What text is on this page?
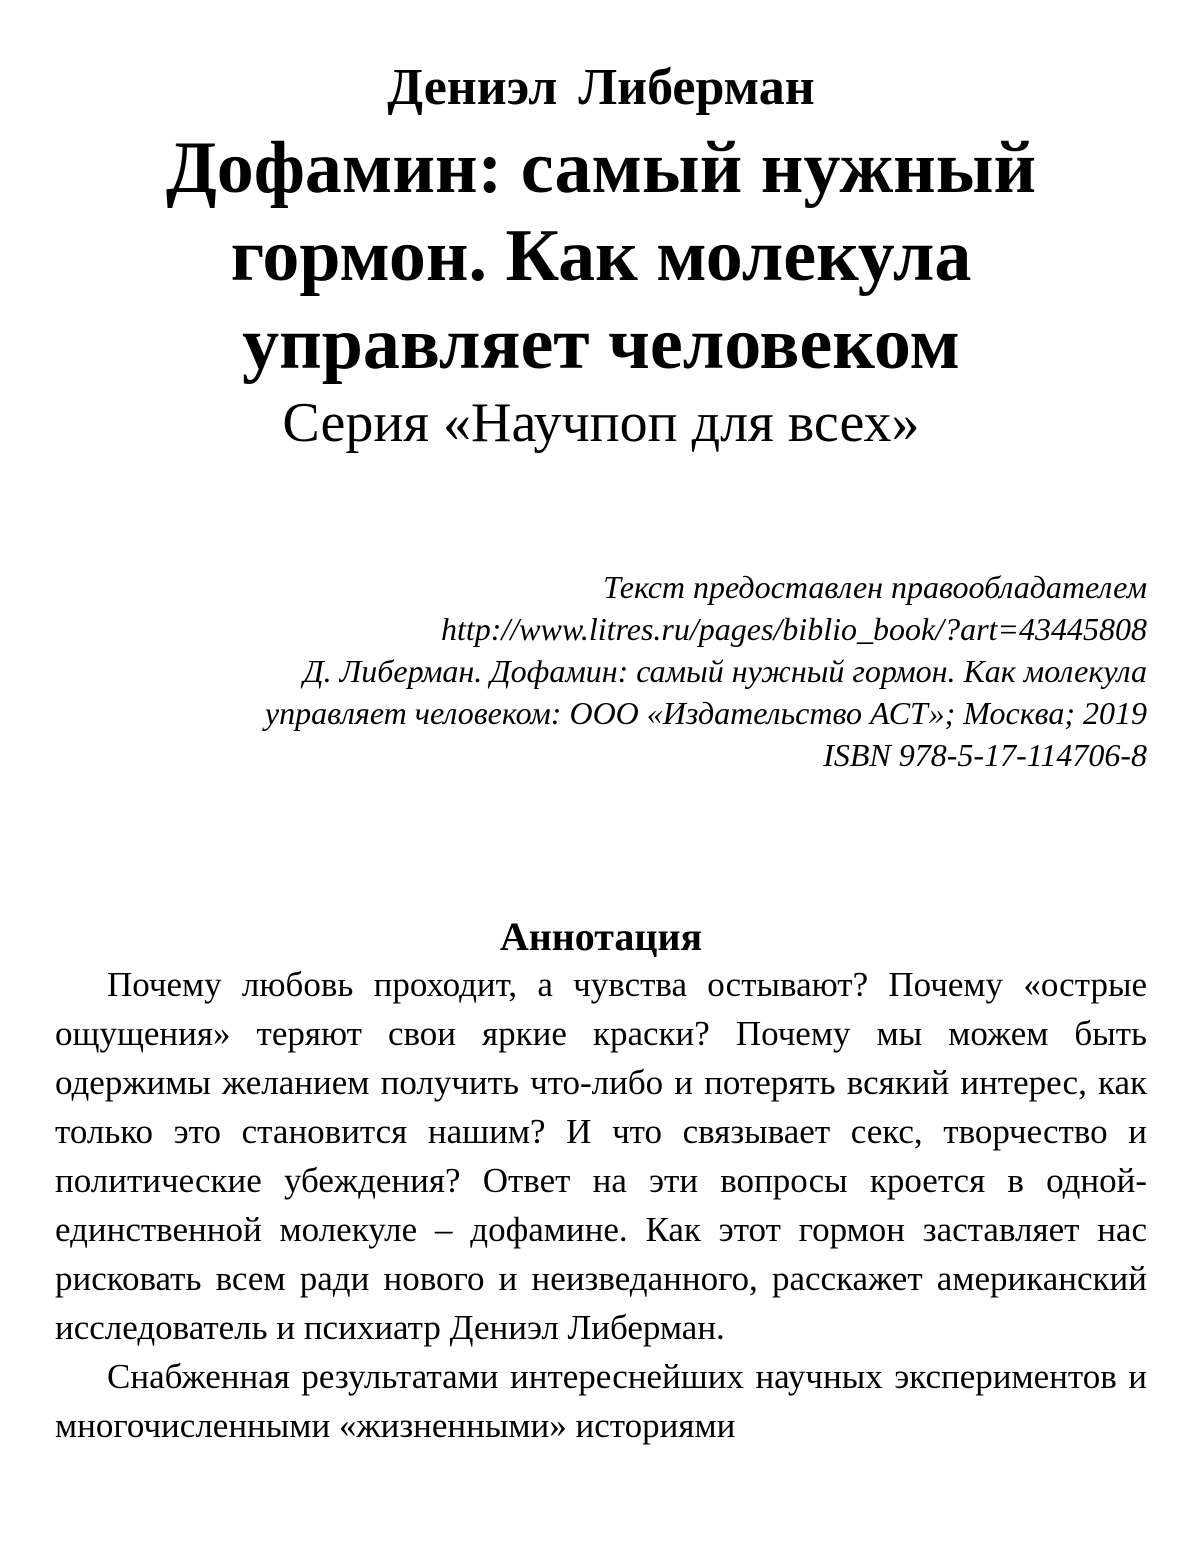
Дениэл Либерман
Дофамин: самый нужный гормон. Как молекула управляет человеком
Серия «Научпоп для всех»
Текст предоставлен правообладателем
http://www.litres.ru/pages/biblio_book/?art=43445808
Д. Либерман. Дофамин: самый нужный гормон. Как молекула
управляет человеком: ООО «Издательство АСТ»; Москва; 2019
ISBN 978-5-17-114706-8
Аннотация

Почему любовь проходит, а чувства остывают? Почему «острые ощущения» теряют свои яркие краски? Почему мы можем быть одержимы желанием получить что-либо и потерять всякий интерес, как только это становится нашим? И что связывает секс, творчество и политические убеждения? Ответ на эти вопросы кроется в одной-единственной молекуле – дофамине. Как этот гормон заставляет нас рисковать всем ради нового и неизведанного, расскажет американский исследователь и психиатр Дениэл Либерман.

Снабженная результатами интереснейших научных экспериментов и многочисленными «жизненными» историями
